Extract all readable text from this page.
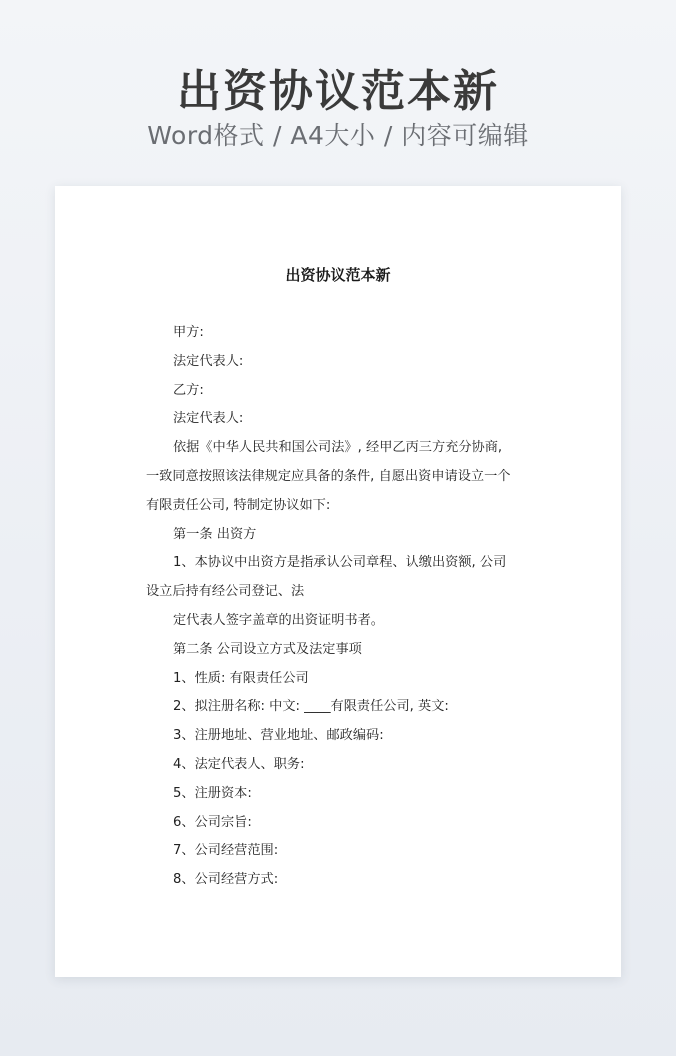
出资协议范本新
Word格式 / A4大小 / 内容可编辑
出资协议范本新
甲方:
法定代表人:
乙方:
法定代表人:
依据《中华人民共和国公司法》, 经甲乙丙三方充分协商,
一致同意按照该法律规定应具备的条件, 自愿出资申请设立一个
有限责任公司, 特制定协议如下:
第一条 出资方
1、本协议中出资方是指承认公司章程、认缴出资额, 公司
设立后持有经公司登记、法
定代表人签字盖章的出资证明书者。
第二条 公司设立方式及法定事项
1、性质: 有限责任公司
2、拟注册名称: 中文: ____有限责任公司, 英文:
3、注册地址、营业地址、邮政编码:
4、法定代表人、职务:
5、注册资本:
6、公司宗旨:
7、公司经营范围:
8、公司经营方式:
